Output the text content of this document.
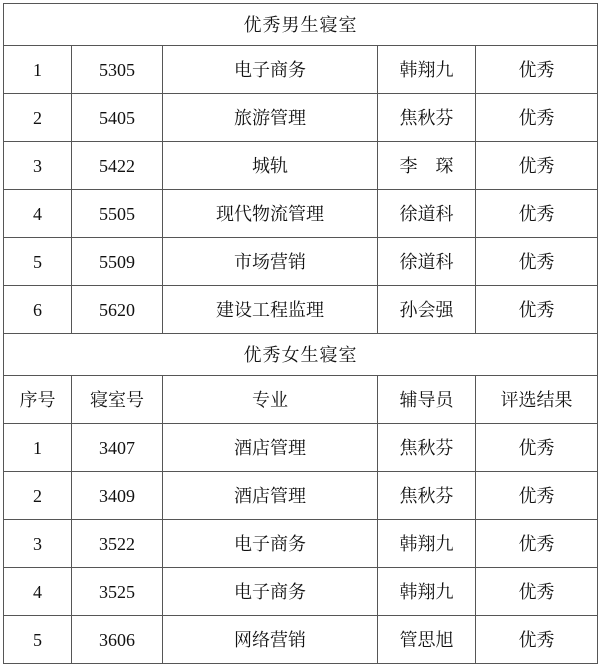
优秀男生寝室				
1	5305	电子商务	韩翔九	优秀
2	5405	旅游管理	焦秋芬	优秀
3	5422	城轨	李　琛	优秀
4	5505	现代物流管理	徐道科	优秀
5	5509	市场营销	徐道科	优秀
6	5620	建设工程监理	孙会强	优秀
优秀女生寝室				
序号	寝室号	专业	辅导员	评选结果
1	3407	酒店管理	焦秋芬	优秀
2	3409	酒店管理	焦秋芬	优秀
3	3522	电子商务	韩翔九	优秀
4	3525	电子商务	韩翔九	优秀
5	3606	网络营销	管思旭	优秀
